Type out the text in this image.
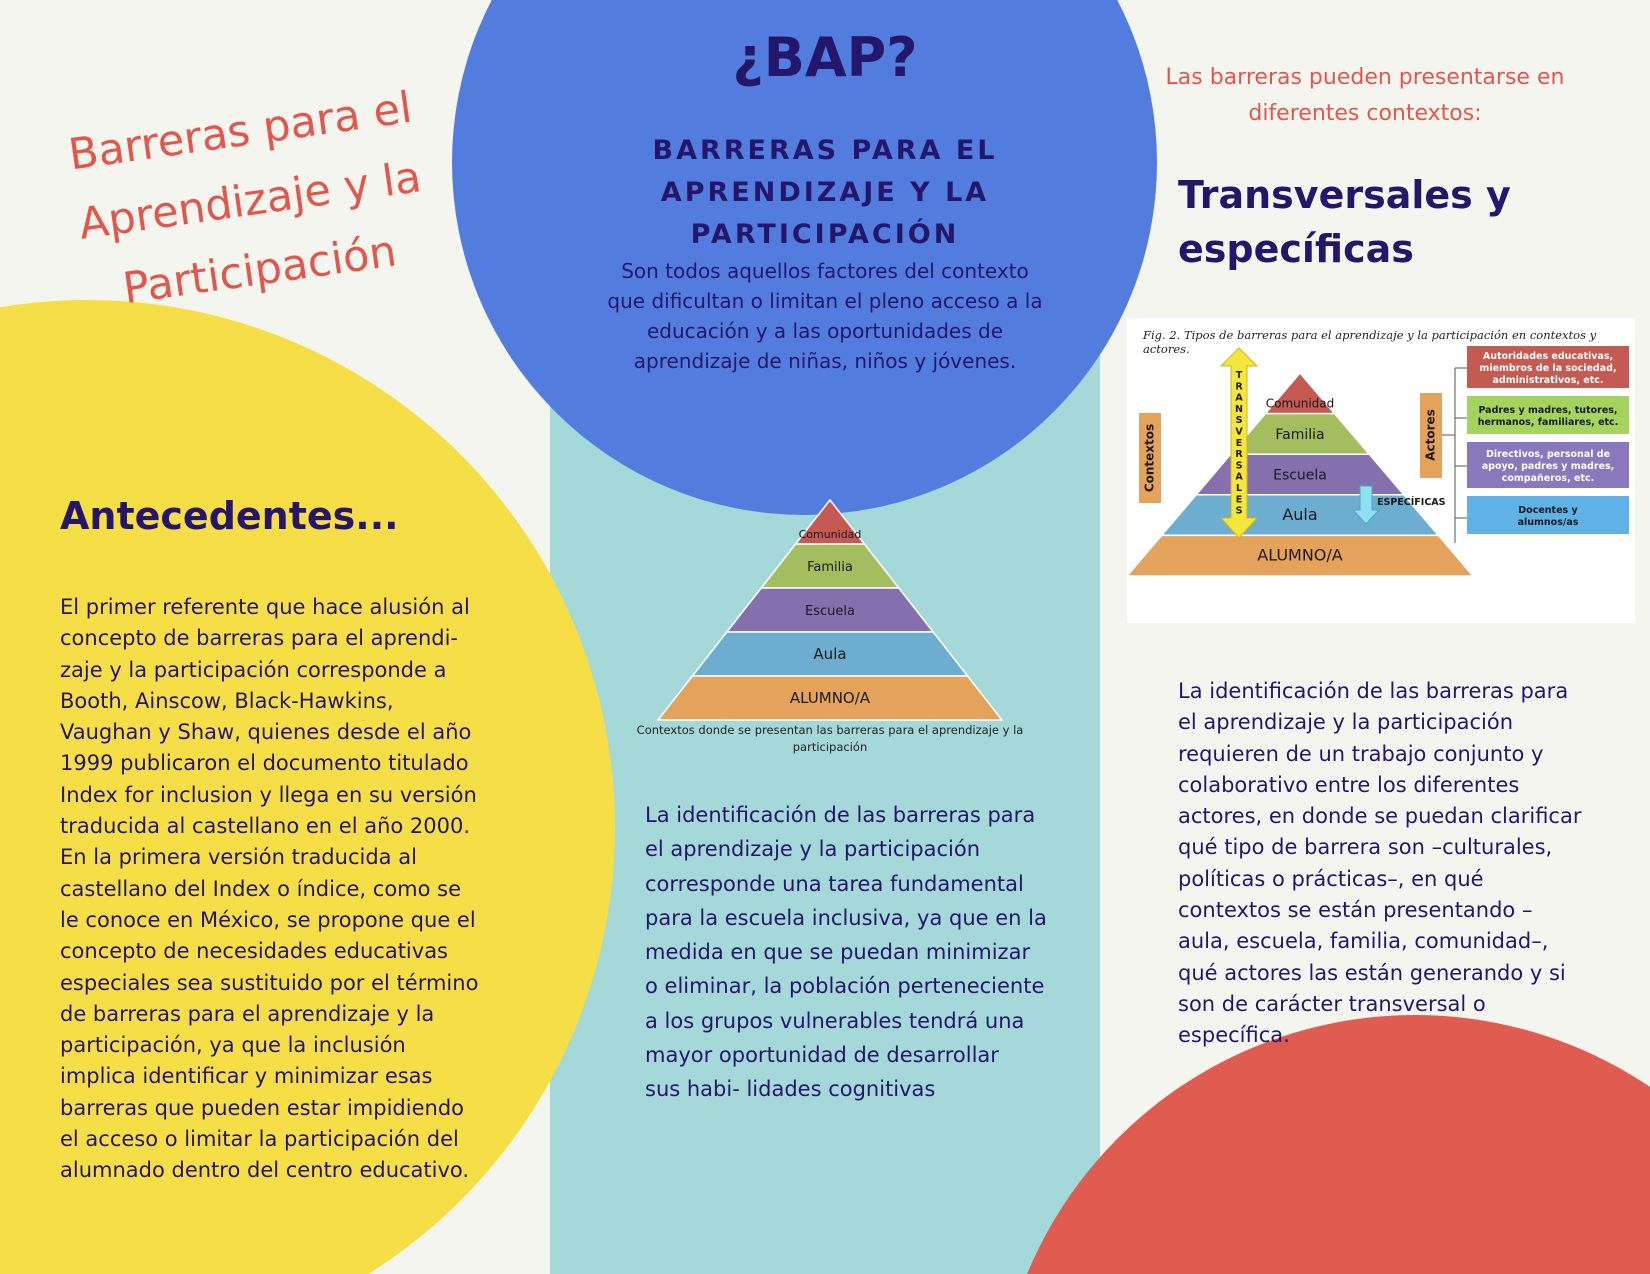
Barreras para el
Aprendizaje y la
Participación
¿BAP?
BARRERAS PARA EL
APRENDIZAJE Y LA
PARTICIPACIÓN
Son todos aquellos factores del contexto que dificultan o limitan el pleno acceso a la educación y a las oportunidades de aprendizaje de niñas, niños y jóvenes.
Antecedentes...
El primer referente que hace alusión al
concepto de barreras para el aprendi-
zaje y la participación corresponde a
Booth, Ainscow, Black-Hawkins,
Vaughan y Shaw, quienes desde el año
1999 publicaron el documento titulado
Index for inclusion y llega en su versión
traducida al castellano en el año 2000.
En la primera versión traducida al
castellano del Index o índice, como se
le conoce en México, se propone que el
concepto de necesidades educativas
especiales sea sustituido por el término
de barreras para el aprendizaje y la
participación, ya que la inclusión
implica identificar y minimizar esas
barreras que pueden estar impidiendo
el acceso o limitar la participación del
alumnado dentro del centro educativo.
Comunidad
Familia
Escuela
Aula
ALUMNO/A
Contextos donde se presentan las barreras para el aprendizaje y la
participación
La identificación de las barreras para
el aprendizaje y la participación
corresponde una tarea fundamental
para la escuela inclusiva, ya que en la
medida en que se puedan minimizar
o eliminar, la población perteneciente
a los grupos vulnerables tendrá una
mayor oportunidad de desarrollar
sus habi- lidades cognitivas
Las barreras pueden presentarse en
diferentes contextos:
Transversales y
específicas
Comunidad
Familia
Escuela
Aula
ALUMNO/A
Contextos
T
R
A
N
S
V
E
R
S
A
L
E
S
ESPECÍFICAS
Actores
Autoridades educativas,
miembros de la sociedad,
administrativos, etc.
Padres y madres, tutores,
hermanos, familiares, etc.
Directivos, personal de
apoyo, padres y madres,
compañeros, etc.
Docentes y
alumnos/as
Fig. 2. Tipos de barreras para el aprendizaje y la participación en contextos y actores.
La identificación de las barreras para
el aprendizaje y la participación
requieren de un trabajo conjunto y
colaborativo entre los diferentes
actores, en donde se puedan clarificar
qué tipo de barrera son –culturales,
políticas o prácticas–, en qué
contextos se están presentando –
aula, escuela, familia, comunidad–,
qué actores las están generando y si
son de carácter transversal o
específica.
